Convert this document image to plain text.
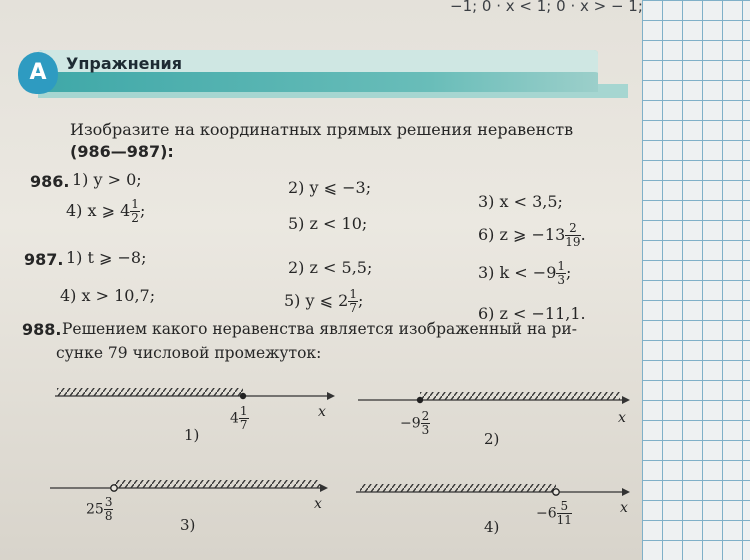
−1; 0 · x < 1; 0 · x > − 1;
А	Упражнения
Изобразите на координатных прямых решения неравенств
(986—987):
986. 1) y > 0;	2) y ⩽ −3;
3) x < 3,5;
4) x ⩾ $4 \frac{1}{2}$ ;
5) z < 10;
6) z ⩾ $-13 \frac{2}{19}$ .
987. 1) t ⩾ −8;
2) z < 5,5;	3) $k < -9 \frac{1}{3}$ ;
4) x > 10,7;	5) y ⩽ $2 \frac{1}{7}$ ;
6) z < −11,1.
988. Решением какого неравенства является изображенный на ри-
сунке 79 числовой промежуток:
x
$4 \frac{1}{7}$
1)
x
$-9 \frac{2}{3}$
2)
x
$25 \frac{3}{8}$
3)
x
$-6 \frac{5}{11}$
4)
